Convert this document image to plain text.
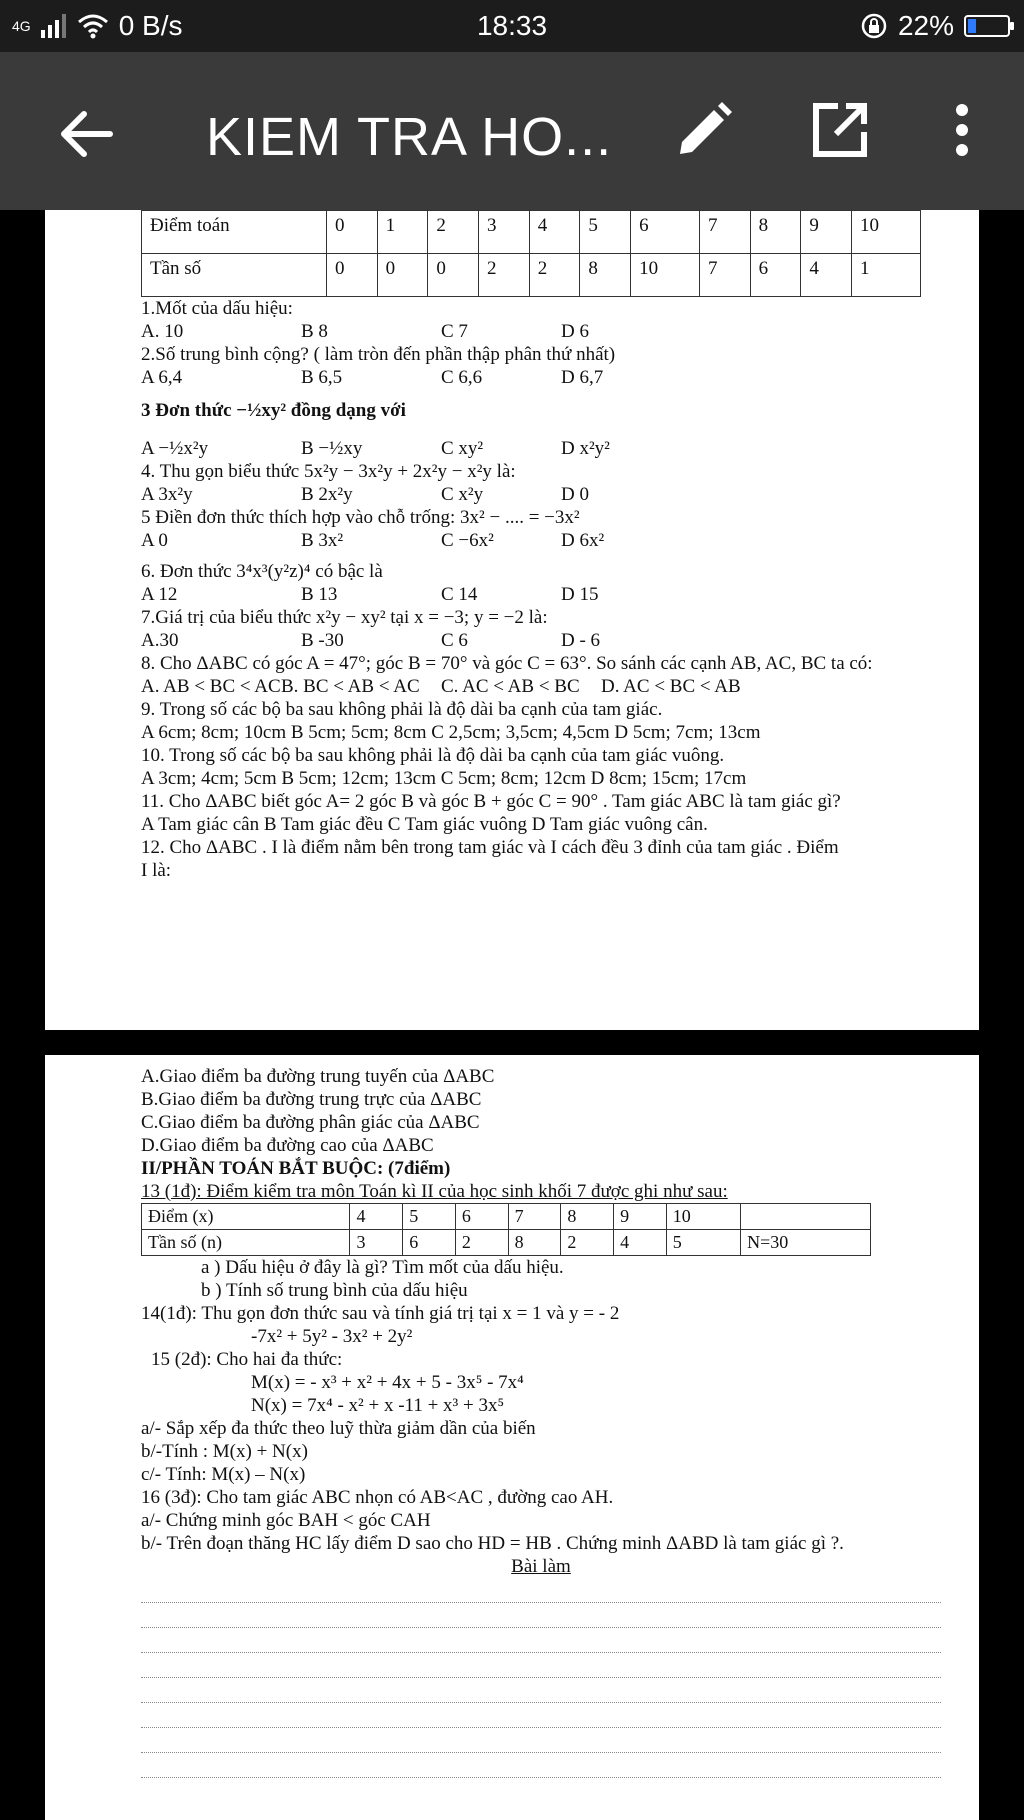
4G	0 B/s	18:33	22%
KIEM TRA HO...
Điểm toán	0	1	2	3	4	5	6	7	8	9	10
Tần số	0	0	0	2	2	8	10	7	6	4	1
1.Mốt của dấu hiệu:
A. 10	B 8	C 7	D 6
2.Số trung bình cộng? ( làm tròn đến phần thập phân thứ nhất)
A 6,4	B 6,5	C 6,6	D 6,7
3 Đơn thức −½xy² đồng dạng với
A −½x²y	B −½xy	C xy²	D x²y²
4. Thu gọn biểu thức 5x²y − 3x²y + 2x²y − x²y là:
A 3x²y	B 2x²y	C x²y	D 0
5 Điền đơn thức thích hợp vào chỗ trống: 3x² − .... = −3x²
A 0	B 3x²	C −6x²	D 6x²
6. Đơn thức 3⁴x³(y²z)⁴ có bậc là
A 12	B 13	C 14	D 15
7.Giá trị của biểu thức x²y − xy² tại x = −3; y = −2 là:
A.30	B -30	C 6	D - 6
8. Cho ΔABC có góc A = 47°; góc B = 70° và góc C = 63°. So sánh các cạnh AB, AC, BC ta có:
A. AB < BC < AC B. BC < AB < AC	C. AC < AB < BC	D. AC < BC < AB
9. Trong số các bộ ba sau không phải là độ dài ba cạnh của tam giác.
A 6cm; 8cm; 10cm B 5cm; 5cm; 8cm C 2,5cm; 3,5cm; 4,5cm D 5cm; 7cm; 13cm
10. Trong số các bộ ba sau không phải là độ dài ba cạnh của tam giác vuông.
A 3cm; 4cm; 5cm B 5cm; 12cm; 13cm C 5cm; 8cm; 12cm D 8cm; 15cm; 17cm
11. Cho ΔABC biết góc A= 2 góc B và góc B + góc C = 90° . Tam giác ABC là tam giác gì?
A Tam giác cân B Tam giác đều C Tam giác vuông D Tam giác vuông cân.
12. Cho ΔABC . I là điểm nằm bên trong tam giác và I cách đều 3 đỉnh của tam giác . Điểm
I là:
A.Giao điểm ba đường trung tuyến của ΔABC
B.Giao điểm ba đường trung trực của ΔABC
C.Giao điểm ba đường phân giác của ΔABC
D.Giao điểm ba đường cao của ΔABC
II/PHẦN TOÁN BẮT BUỘC: (7điểm)
13 (1đ): Điểm kiểm tra môn Toán kì II của học sinh khối 7 được ghi như sau:
Điểm (x)	4	5	6	7	8	9	10	
Tần số (n)	3	6	2	8	2	4	5	N=30
a ) Dấu hiệu ở đây là gì? Tìm mốt của dấu hiệu.
b ) Tính số trung bình của dấu hiệu
14(1đ): Thu gọn đơn thức sau và tính giá trị tại x = 1 và y = - 2
-7x² + 5y² - 3x² + 2y²
15 (2đ): Cho hai đa thức:
M(x) = - x³ + x² + 4x + 5 - 3x⁵ - 7x⁴
N(x) = 7x⁴ - x² + x -11 + x³ + 3x⁵
a/- Sắp xếp đa thức theo luỹ thừa giảm dần của biến
b/-Tính : M(x) + N(x)
c/- Tính: M(x) – N(x)
16 (3đ): Cho tam giác ABC nhọn có AB<AC , đường cao AH.
a/- Chứng minh góc BAH < góc CAH
b/- Trên đoạn thăng HC lấy điểm D sao cho HD = HB . Chứng minh ΔABD là tam giác gì ?.
Bài làm
